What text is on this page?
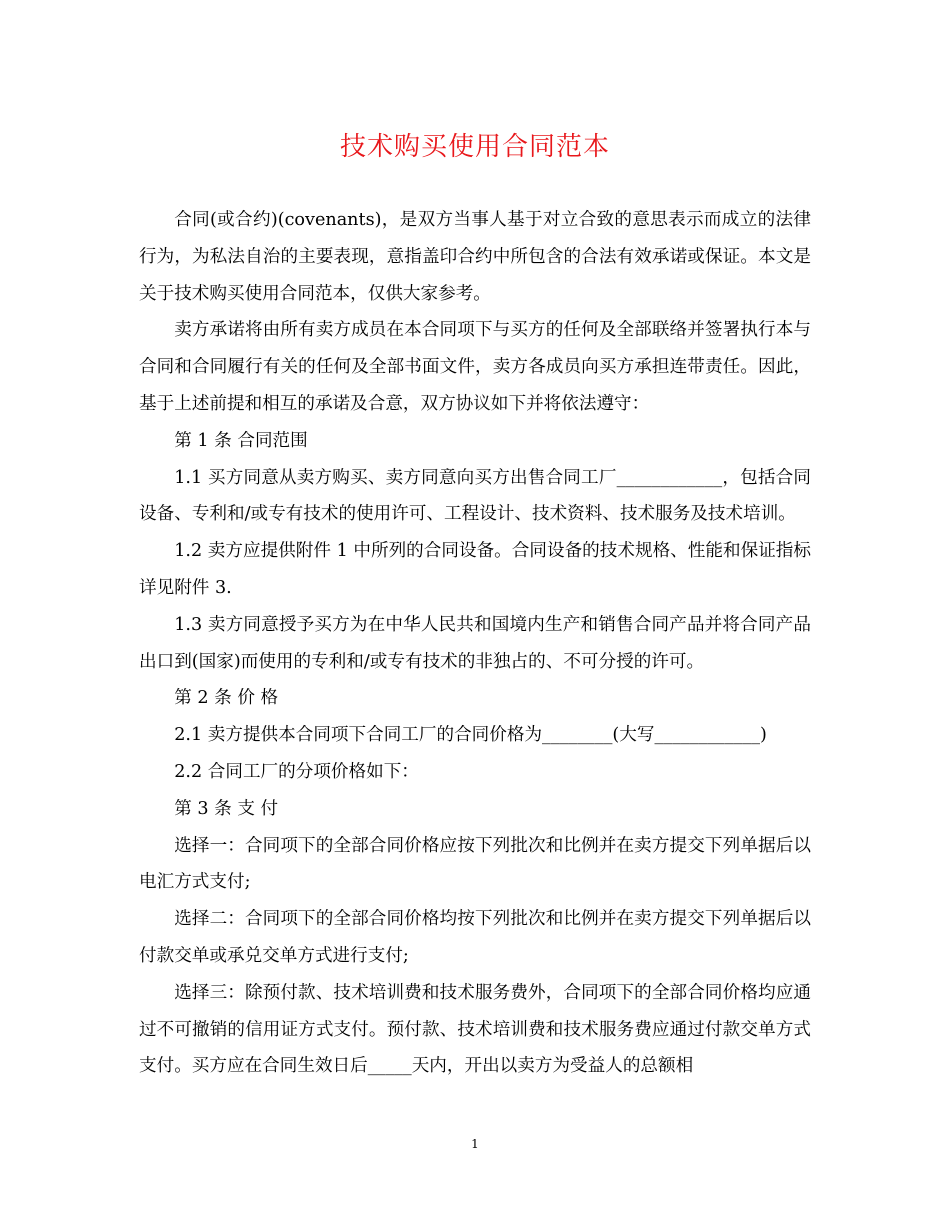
技术购买使用合同范本

合同(或合约)(covenants)，是双方当事人基于对立合致的意思表示而成立的法律行为，为私法自治的主要表现，意指盖印合约中所包含的合法有效承诺或保证。本文是关于技术购买使用合同范本，仅供大家参考。

卖方承诺将由所有卖方成员在本合同项下与买方的任何及全部联络并签署执行本与合同和合同履行有关的任何及全部书面文件，卖方各成员向买方承担连带责任。因此，基于上述前提和相互的承诺及合意，双方协议如下并将依法遵守：

第 1 条 合同范围

1.1 买方同意从卖方购买、卖方同意向买方出售合同工厂____________，包括合同设备、专利和/或专有技术的使用许可、工程设计、技术资料、技术服务及技术培训。

1.2 卖方应提供附件 1 中所列的合同设备。合同设备的技术规格、性能和保证指标详见附件 3.

1.3 卖方同意授予买方为在中华人民共和国境内生产和销售合同产品并将合同产品出口到(国家)而使用的专利和/或专有技术的非独占的、不可分授的许可。

第 2 条 价 格

2.1 卖方提供本合同项下合同工厂的合同价格为________(大写____________)

2.2 合同工厂的分项价格如下：

第 3 条 支 付

选择一：合同项下的全部合同价格应按下列批次和比例并在卖方提交下列单据后以电汇方式支付;

选择二：合同项下的全部合同价格均按下列批次和比例并在卖方提交下列单据后以付款交单或承兑交单方式进行支付;

选择三：除预付款、技术培训费和技术服务费外，合同项下的全部合同价格均应通过不可撤销的信用证方式支付。预付款、技术培训费和技术服务费应通过付款交单方式支付。买方应在合同生效日后_____天内，开出以卖方为受益人的总额相

1
